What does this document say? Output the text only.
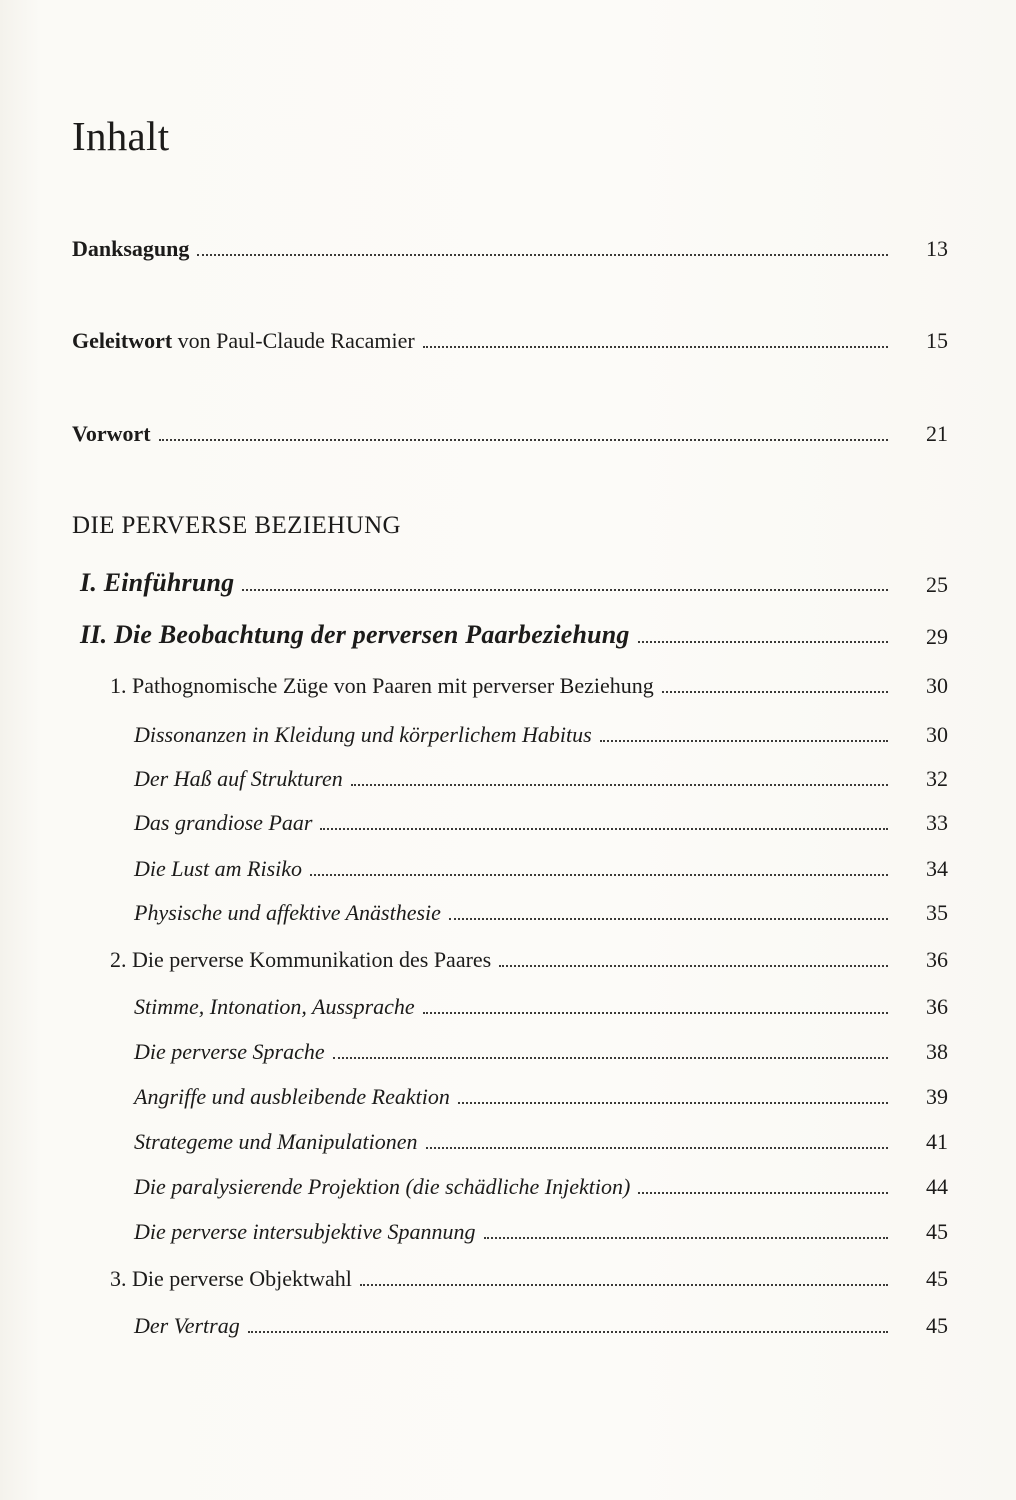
Inhalt
Danksagung	13
Geleitwort von Paul-Claude Racamier	15
Vorwort	21
DIE PERVERSE BEZIEHUNG
I. Einführung	25
II. Die Beobachtung der perversen Paarbeziehung	29
1. Pathognomische Züge von Paaren mit perverser Beziehung	30
Dissonanzen in Kleidung und körperlichem Habitus	30
Der Haß auf Strukturen	32
Das grandiose Paar	33
Die Lust am Risiko	34
Physische und affektive Anästhesie	35
2. Die perverse Kommunikation des Paares	36
Stimme, Intonation, Aussprache	36
Die perverse Sprache	38
Angriffe und ausbleibende Reaktion	39
Strategeme und Manipulationen	41
Die paralysierende Projektion (die schädliche Injektion)	44
Die perverse intersubjektive Spannung	45
3. Die perverse Objektwahl	45
Der Vertrag	45
